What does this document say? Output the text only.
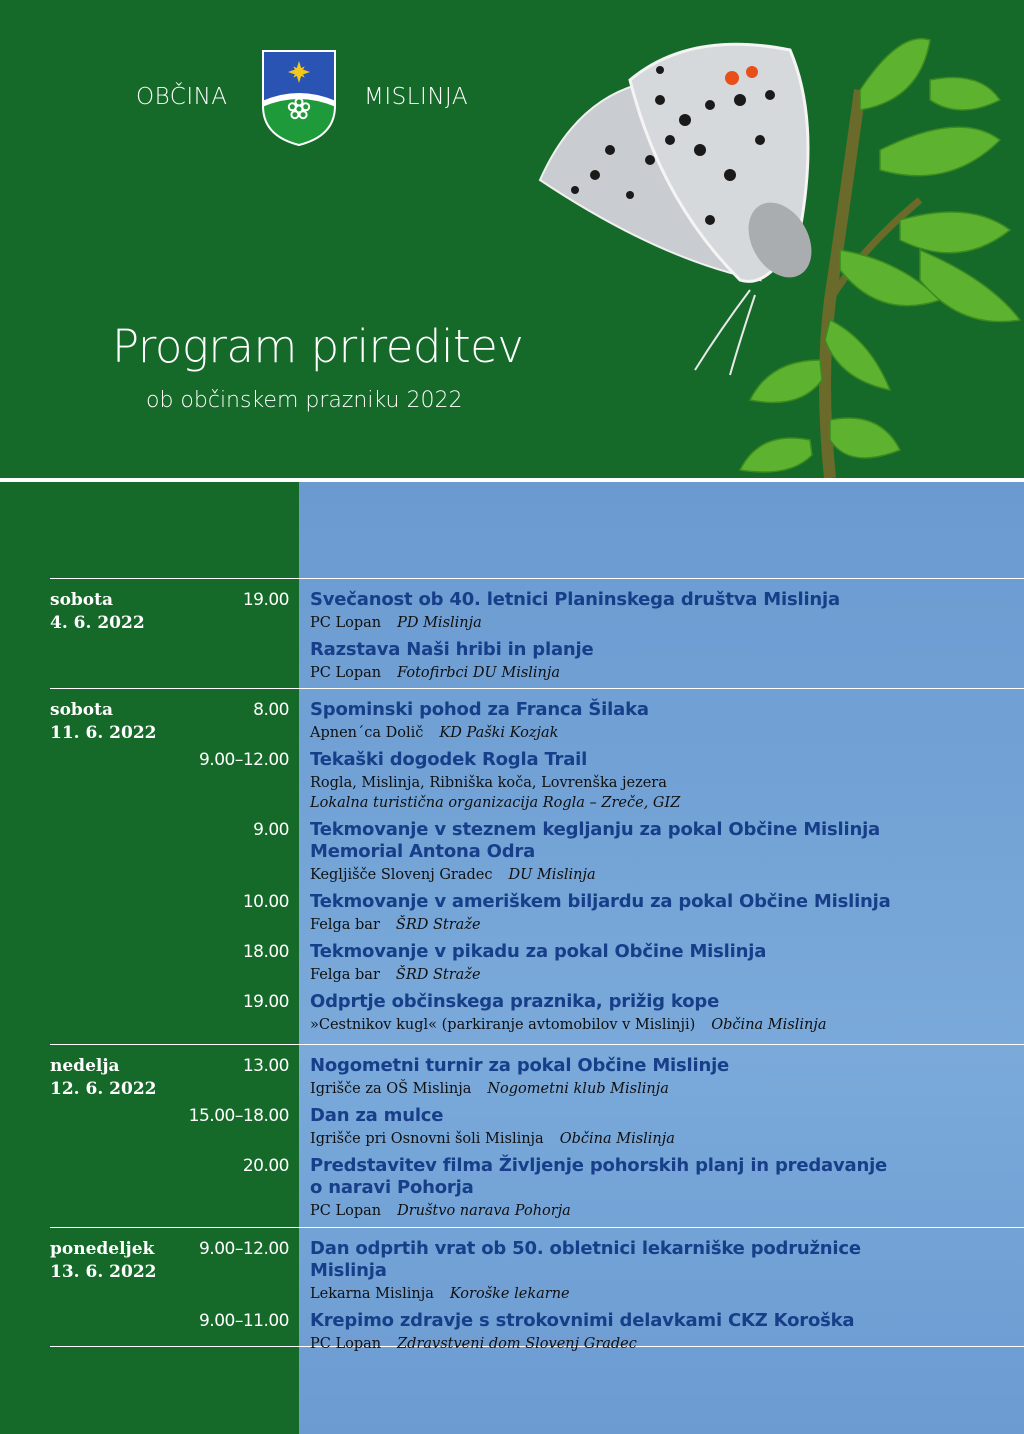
OBČINA	MISLINJA
Program prireditev
ob občinskem prazniku 2022
sobota
4. 6. 2022
19.00 Svečanost ob 40. letnici Planinskega društva Mislinja
PC Lopan PD Mislinja
Razstava Naši hribi in planje
PC Lopan Fotofirbci DU Mislinja
sobota
11. 6. 2022
8.00 Spominski pohod za Franca Šilaka
Apnen´ca Dolič KD Paški Kozjak
9.00–12.00 Tekaški dogodek Rogla Trail
Rogla, Mislinja, Ribniška koča, Lovrenška jezera
Lokalna turistična organizacija Rogla – Zreče, GIZ
9.00 Tekmovanje v steznem kegljanju za pokal Občine Mislinja
Memorial Antona Odra
Kegljišče Slovenj Gradec DU Mislinja
10.00 Tekmovanje v ameriškem biljardu za pokal Občine Mislinja
Felga bar ŠRD Straže
18.00 Tekmovanje v pikadu za pokal Občine Mislinja
Felga bar ŠRD Straže
19.00 Odprtje občinskega praznika, prižig kope
»Cestnikov kugl« (parkiranje avtomobilov v Mislinji) Občina Mislinja
nedelja
12. 6. 2022
13.00 Nogometni turnir za pokal Občine Mislinje
Igrišče za OŠ Mislinja Nogometni klub Mislinja
15.00–18.00 Dan za mulce
Igrišče pri Osnovni šoli Mislinja Občina Mislinja
20.00 Predstavitev filma Življenje pohorskih planj in predavanje
o naravi Pohorja
PC Lopan Društvo narava Pohorja
ponedeljek
13. 6. 2022
9.00–12.00 Dan odprtih vrat ob 50. obletnici lekarniške podružnice Mislinja
Lekarna Mislinja Koroške lekarne
9.00–11.00 Krepimo zdravje s strokovnimi delavkami CKZ Koroška
PC Lopan Zdravstveni dom Slovenj Gradec
